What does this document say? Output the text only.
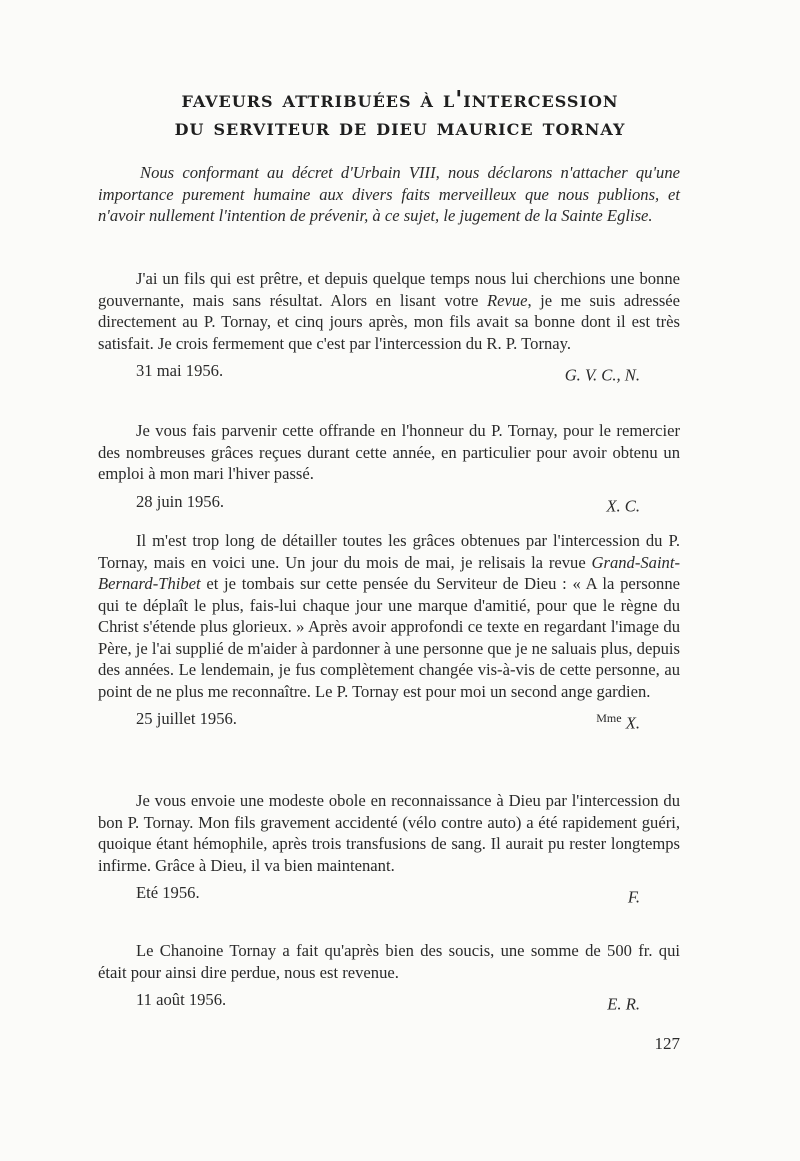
faveurs attribuées à l'intercession
du serviteur de dieu maurice tornay
Nous conformant au décret d'Urbain VIII, nous déclarons n'attacher qu'une importance purement humaine aux divers faits merveilleux que nous publions, et n'avoir nullement l'intention de prévenir, à ce sujet, le jugement de la Sainte Eglise.
J'ai un fils qui est prêtre, et depuis quelque temps nous lui cherchions une bonne gouvernante, mais sans résultat. Alors en lisant votre Revue, je me suis adressée directement au P. Tornay, et cinq jours après, mon fils avait sa bonne dont il est très satisfait. Je crois fermement que c'est par l'intercession du R. P. Tornay.
31 mai 1956.	G. V. C., N.
Je vous fais parvenir cette offrande en l'honneur du P. Tornay, pour le remercier des nombreuses grâces reçues durant cette année, en particulier pour avoir obtenu un emploi à mon mari l'hiver passé.
28 juin 1956.	X. C.
Il m'est trop long de détailler toutes les grâces obtenues par l'intercession du P. Tornay, mais en voici une. Un jour du mois de mai, je relisais la revue Grand-Saint-Bernard-Thibet et je tombais sur cette pensée du Serviteur de Dieu : « A la personne qui te déplaît le plus, fais-lui chaque jour une marque d'amitié, pour que le règne du Christ s'étende plus glorieux. » Après avoir approfondi ce texte en regardant l'image du Père, je l'ai supplié de m'aider à pardonner à une personne que je ne saluais plus, depuis des années. Le lendemain, je fus complètement changée vis-à-vis de cette personne, au point de ne plus me reconnaître. Le P. Tornay est pour moi un second ange gardien.
25 juillet 1956.	$^{Mme}$ X.
Je vous envoie une modeste obole en reconnaissance à Dieu par l'intercession du bon P. Tornay. Mon fils gravement accidenté (vélo contre auto) a été rapidement guéri, quoique étant hémophile, après trois transfusions de sang. Il aurait pu rester longtemps infirme. Grâce à Dieu, il va bien maintenant.
Eté 1956.	F.
Le Chanoine Tornay a fait qu'après bien des soucis, une somme de 500 fr. qui était pour ainsi dire perdue, nous est revenue.
11 août 1956.	E. R.
127
